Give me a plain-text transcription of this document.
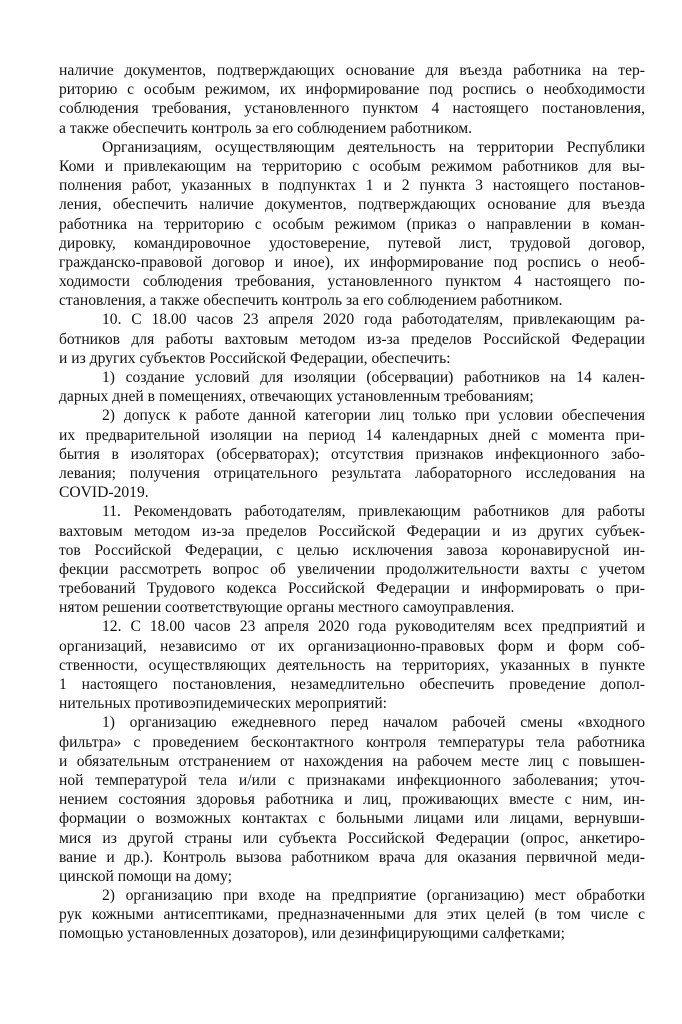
наличие документов, подтверждающих основание для въезда работника на тер-
риторию с особым режимом, их информирование под роспись о необходимости
соблюдения требования, установленного пунктом 4 настоящего постановления,
а также обеспечить контроль за его соблюдением работником.
Организациям, осуществляющим деятельность на территории Республики
Коми и привлекающим на территорию с особым режимом работников для вы-
полнения работ, указанных в подпунктах 1 и 2 пункта 3 настоящего постанов-
ления, обеспечить наличие документов, подтверждающих основание для въезда
работника на территорию с особым режимом (приказ о направлении в коман-
дировку, командировочное удостоверение, путевой лист, трудовой договор,
гражданско-правовой договор и иное), их информирование под роспись о необ-
ходимости соблюдения требования, установленного пунктом 4 настоящего по-
становления, а также обеспечить контроль за его соблюдением работником.
10. С 18.00 часов 23 апреля 2020 года работодателям, привлекающим ра-
ботников для работы вахтовым методом из-за пределов Российской Федерации
и из других субъектов Российской Федерации, обеспечить:
1) создание условий для изоляции (обсервации) работников на 14 кален-
дарных дней в помещениях, отвечающих установленным требованиям;
2) допуск к работе данной категории лиц только при условии обеспечения
их предварительной изоляции на период 14 календарных дней с момента при-
бытия в изоляторах (обсерваторах); отсутствия признаков инфекционного забо-
левания; получения отрицательного результата лабораторного исследования на
COVID-2019.
11. Рекомендовать работодателям, привлекающим работников для работы
вахтовым методом из-за пределов Российской Федерации и из других субъек-
тов Российской Федерации, с целью исключения завоза коронавирусной ин-
фекции рассмотреть вопрос об увеличении продолжительности вахты с учетом
требований Трудового кодекса Российской Федерации и информировать о при-
нятом решении соответствующие органы местного самоуправления.
12. С 18.00 часов 23 апреля 2020 года руководителям всех предприятий и
организаций, независимо от их организационно-правовых форм и форм соб-
ственности, осуществляющих деятельность на территориях, указанных в пункте
1 настоящего постановления, незамедлительно обеспечить проведение допол-
нительных противоэпидемических мероприятий:
1) организацию ежедневного перед началом рабочей смены «входного
фильтра» с проведением бесконтактного контроля температуры тела работника
и обязательным отстранением от нахождения на рабочем месте лиц с повышен-
ной температурой тела и/или с признаками инфекционного заболевания; уточ-
нением состояния здоровья работника и лиц, проживающих вместе с ним, ин-
формации о возможных контактах с больными лицами или лицами, вернувши-
мися из другой страны или субъекта Российской Федерации (опрос, анкетиро-
вание и др.). Контроль вызова работником врача для оказания первичной меди-
цинской помощи на дому;
2) организацию при входе на предприятие (организацию) мест обработки
рук кожными антисептиками, предназначенными для этих целей (в том числе с
помощью установленных дозаторов), или дезинфицирующими салфетками;
